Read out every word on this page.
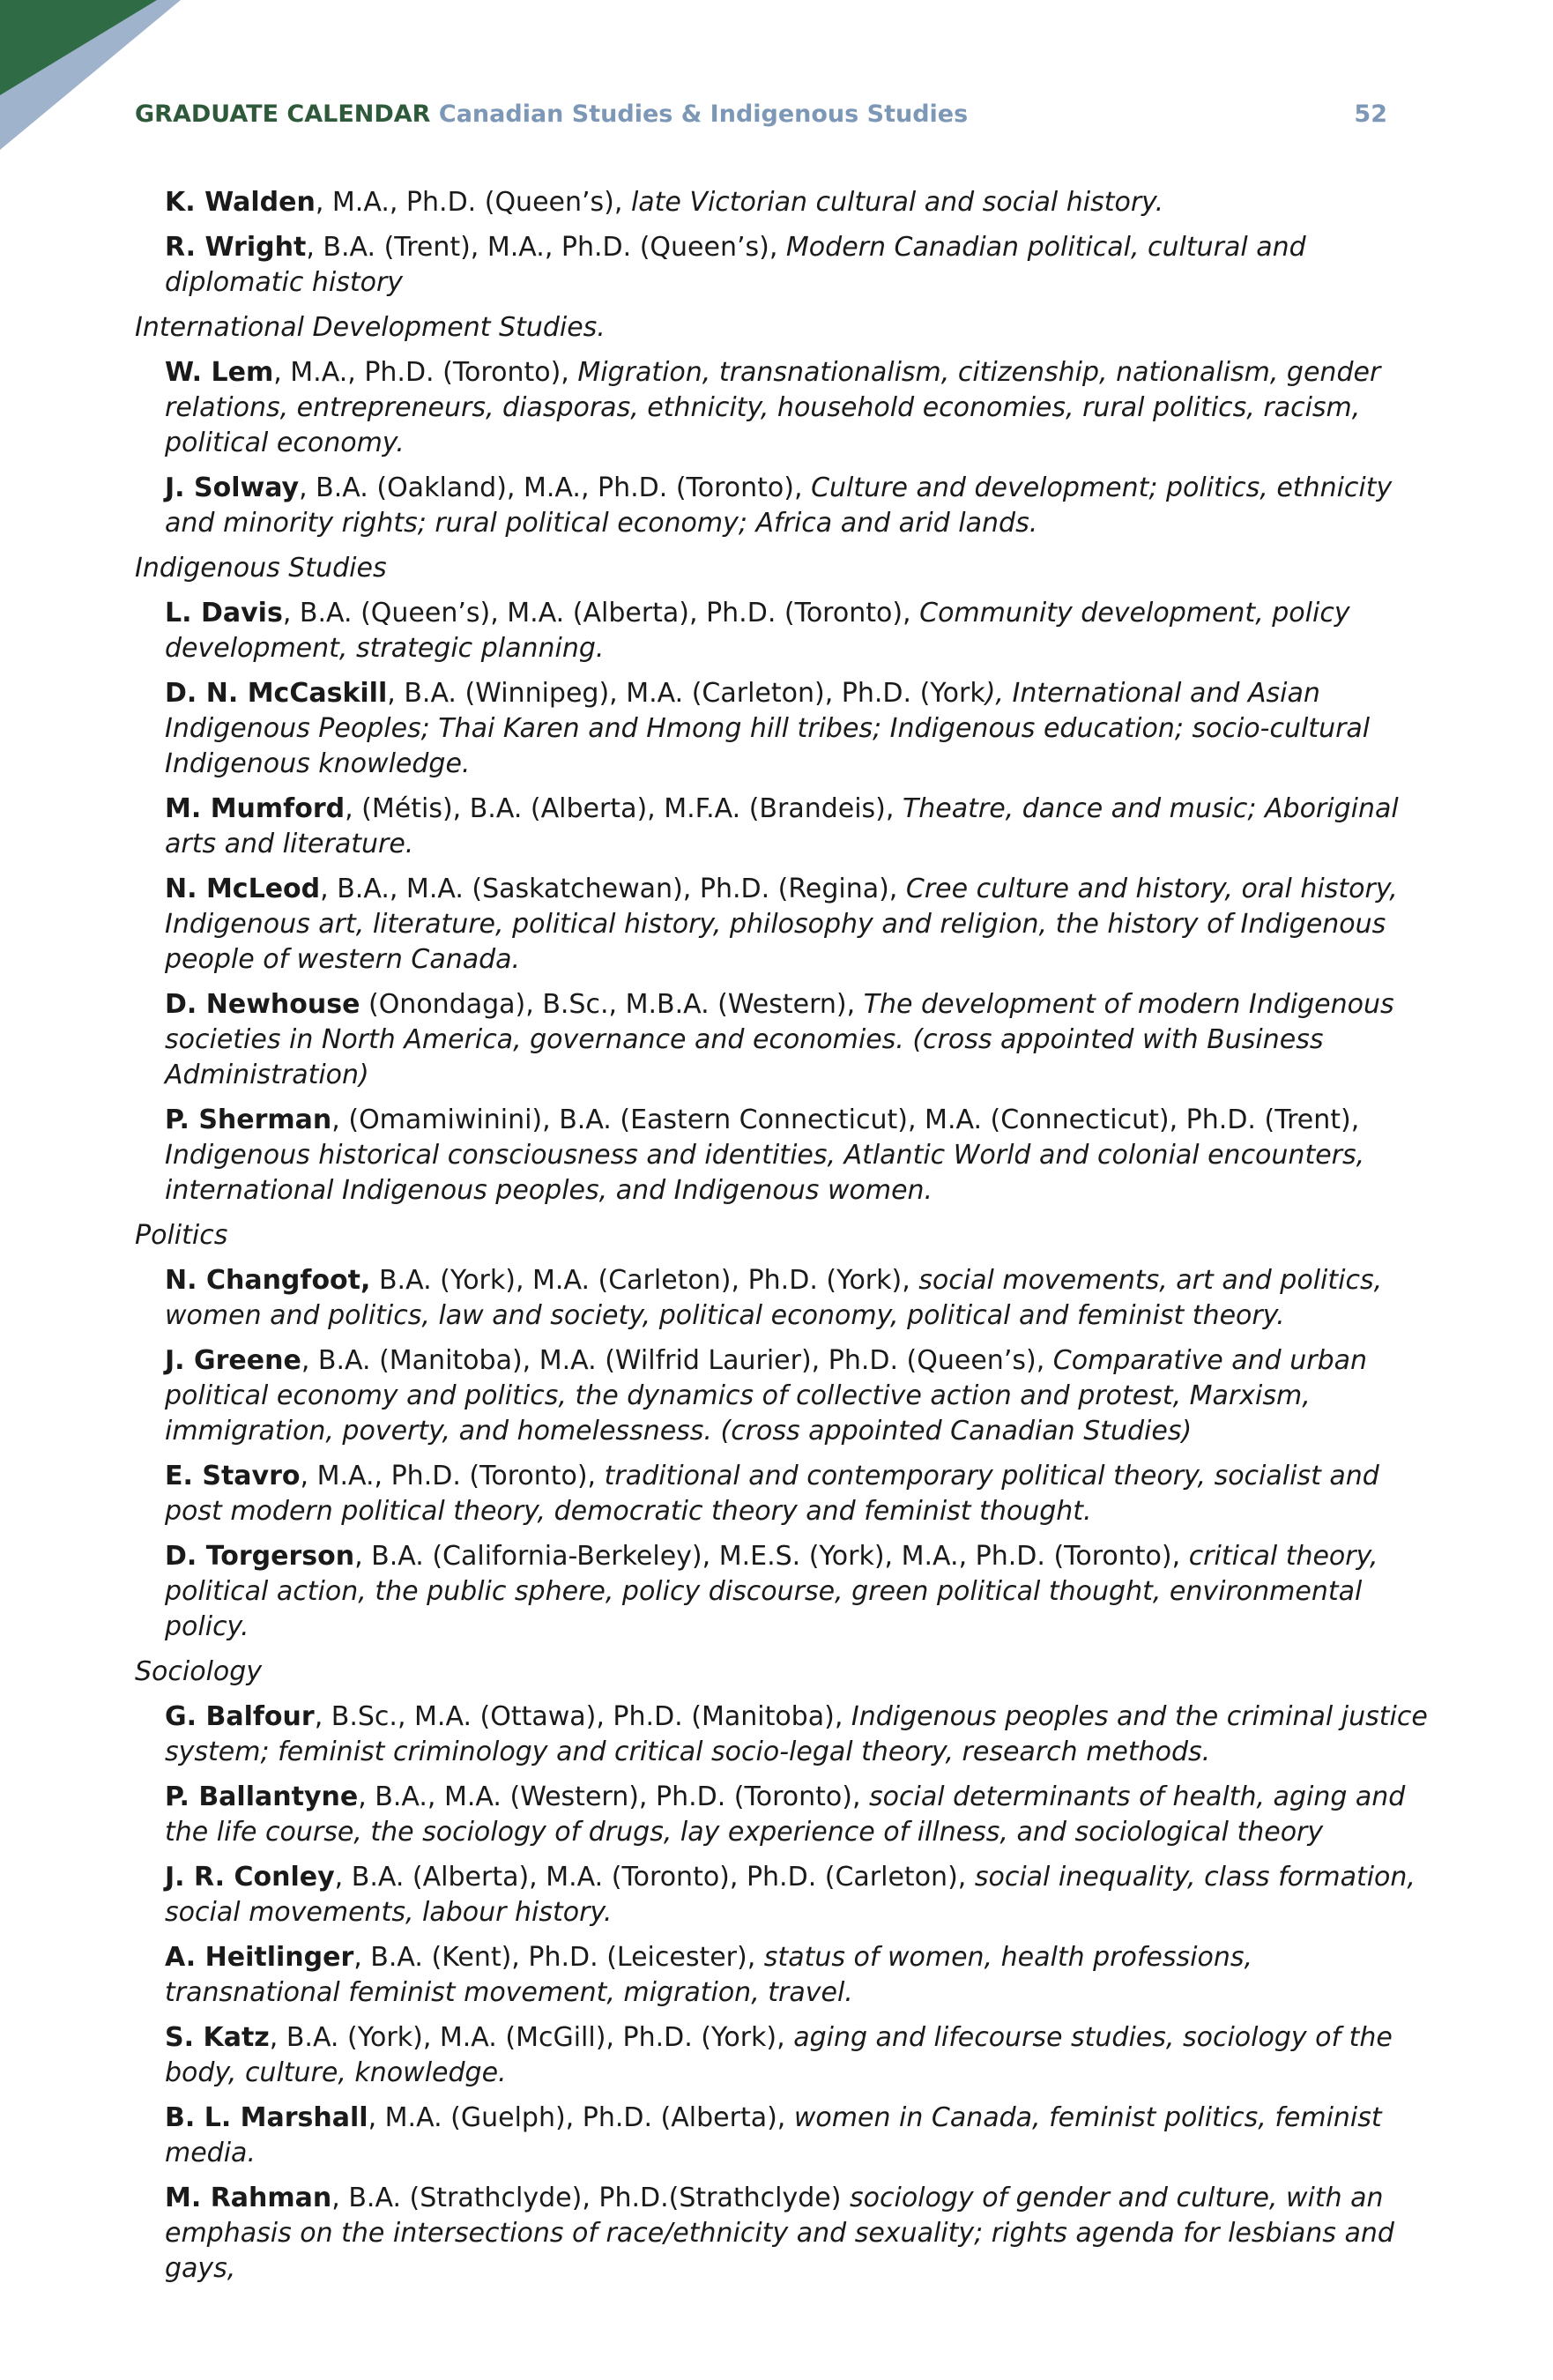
GRADUATE CALENDAR Canadian Studies & Indigenous Studies	52
K. Walden, M.A., Ph.D. (Queen’s), late Victorian cultural and social history.
R. Wright, B.A. (Trent), M.A., Ph.D. (Queen’s), Modern Canadian political, cultural and diplomatic history
International Development Studies.
W. Lem, M.A., Ph.D. (Toronto), Migration, transnationalism, citizenship, nationalism, gender relations, entrepreneurs, diasporas, ethnicity, household economies, rural politics, racism, political economy.
J. Solway, B.A. (Oakland), M.A., Ph.D. (Toronto), Culture and development; politics, ethnicity and minority rights; rural political economy; Africa and arid lands.
Indigenous Studies
L. Davis, B.A. (Queen’s), M.A. (Alberta), Ph.D. (Toronto), Community development, policy development, strategic planning.
D. N. McCaskill, B.A. (Winnipeg), M.A. (Carleton), Ph.D. (York), International and Asian Indigenous Peoples; Thai Karen and Hmong hill tribes; Indigenous education; socio-cultural Indigenous knowledge.
M. Mumford, (Métis), B.A. (Alberta), M.F.A. (Brandeis), Theatre, dance and music; Aboriginal arts and literature.
N. McLeod, B.A., M.A. (Saskatchewan), Ph.D. (Regina), Cree culture and history, oral history, Indigenous art, literature, political history, philosophy and religion, the history of Indigenous people of western Canada.
D. Newhouse (Onondaga), B.Sc., M.B.A. (Western), The development of modern Indigenous societies in North America, governance and economies. (cross appointed with Business Administration)
P. Sherman, (Omamiwinini), B.A. (Eastern Connecticut), M.A. (Connecticut), Ph.D. (Trent), Indigenous historical consciousness and identities, Atlantic World and colonial encounters, international Indigenous peoples, and Indigenous women.
Politics
N. Changfoot, B.A. (York), M.A. (Carleton), Ph.D. (York), social movements, art and politics, women and politics, law and society, political economy, political and feminist theory.
J. Greene, B.A. (Manitoba), M.A. (Wilfrid Laurier), Ph.D. (Queen’s), Comparative and urban political economy and politics, the dynamics of collective action and protest, Marxism, immigration, poverty, and homelessness. (cross appointed Canadian Studies)
E. Stavro, M.A., Ph.D. (Toronto), traditional and contemporary political theory, socialist and post modern political theory, democratic theory and feminist thought.
D. Torgerson, B.A. (California-Berkeley), M.E.S. (York), M.A., Ph.D. (Toronto), critical theory, political action, the public sphere, policy discourse, green political thought, environmental policy.
Sociology
G. Balfour, B.Sc., M.A. (Ottawa), Ph.D. (Manitoba), Indigenous peoples and the criminal justice system; feminist criminology and critical socio-legal theory, research methods.
P. Ballantyne, B.A., M.A. (Western), Ph.D. (Toronto), social determinants of health, aging and the life course, the sociology of drugs, lay experience of illness, and sociological theory
J. R. Conley, B.A. (Alberta), M.A. (Toronto), Ph.D. (Carleton), social inequality, class formation, social movements, labour history.
A. Heitlinger, B.A. (Kent), Ph.D. (Leicester), status of women, health professions, transnational feminist movement, migration, travel.
S. Katz, B.A. (York), M.A. (McGill), Ph.D. (York), aging and lifecourse studies, sociology of the body, culture, knowledge.
B. L. Marshall, M.A. (Guelph), Ph.D. (Alberta), women in Canada, feminist politics, feminist media.
M. Rahman, B.A. (Strathclyde), Ph.D.(Strathclyde) sociology of gender and culture, with an emphasis on the intersections of race/ethnicity and sexuality; rights agenda for lesbians and gays,
